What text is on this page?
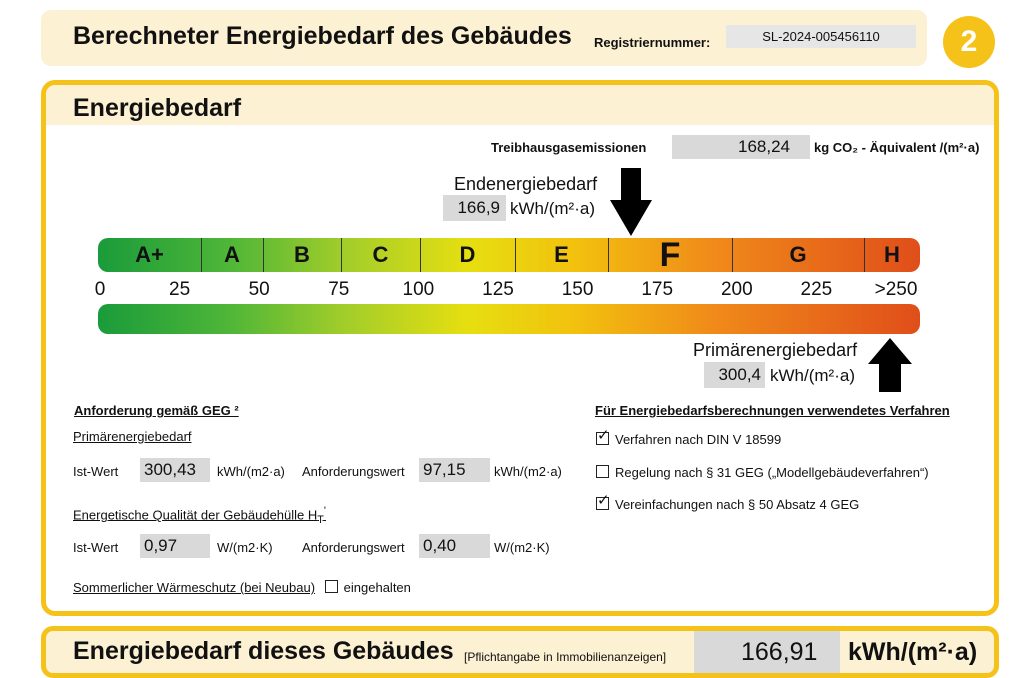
Berechneter Energiebedarf des Gebäudes Registriernummer:	SL-2024-005456110	2
Energiebedarf
Treibhausgasemissionen	168,24 kg CO₂ - Äquivalent /(m²·a)
Endenergiebedarf
166,9 kWh/(m²·a)
A+	A B	C	D	E	F	G	H
0	25	50	75	100	125	150	175	200	225 >250
Primärenergiebedarf
300,4 kWh/(m²·a)
Anforderung gemäß GEG ²
Primärenergiebedarf
Ist-Wert 300,43	kWh/(m2·a) Anforderungswert 97,15	kWh/(m2·a)
Energetische Qualität der Gebäudehülle $H_T'$
Ist-Wert 0,97	W/(m2·K) Anforderungswert 0,40	W/(m2·K)
Sommerlicher Wärmeschutz (bei Neubau) eingehalten
Für Energiebedarfsberechnungen verwendetes Verfahren
✓Verfahren nach DIN V 18599
Regelung nach § 31 GEG („Modellgebäudeverfahren“)
✓Vereinfachungen nach § 50 Absatz 4 GEG
Energiebedarf dieses Gebäudes [Pflichtangabe in Immobilienanzeigen]	166,91 kWh/(m²·a)
